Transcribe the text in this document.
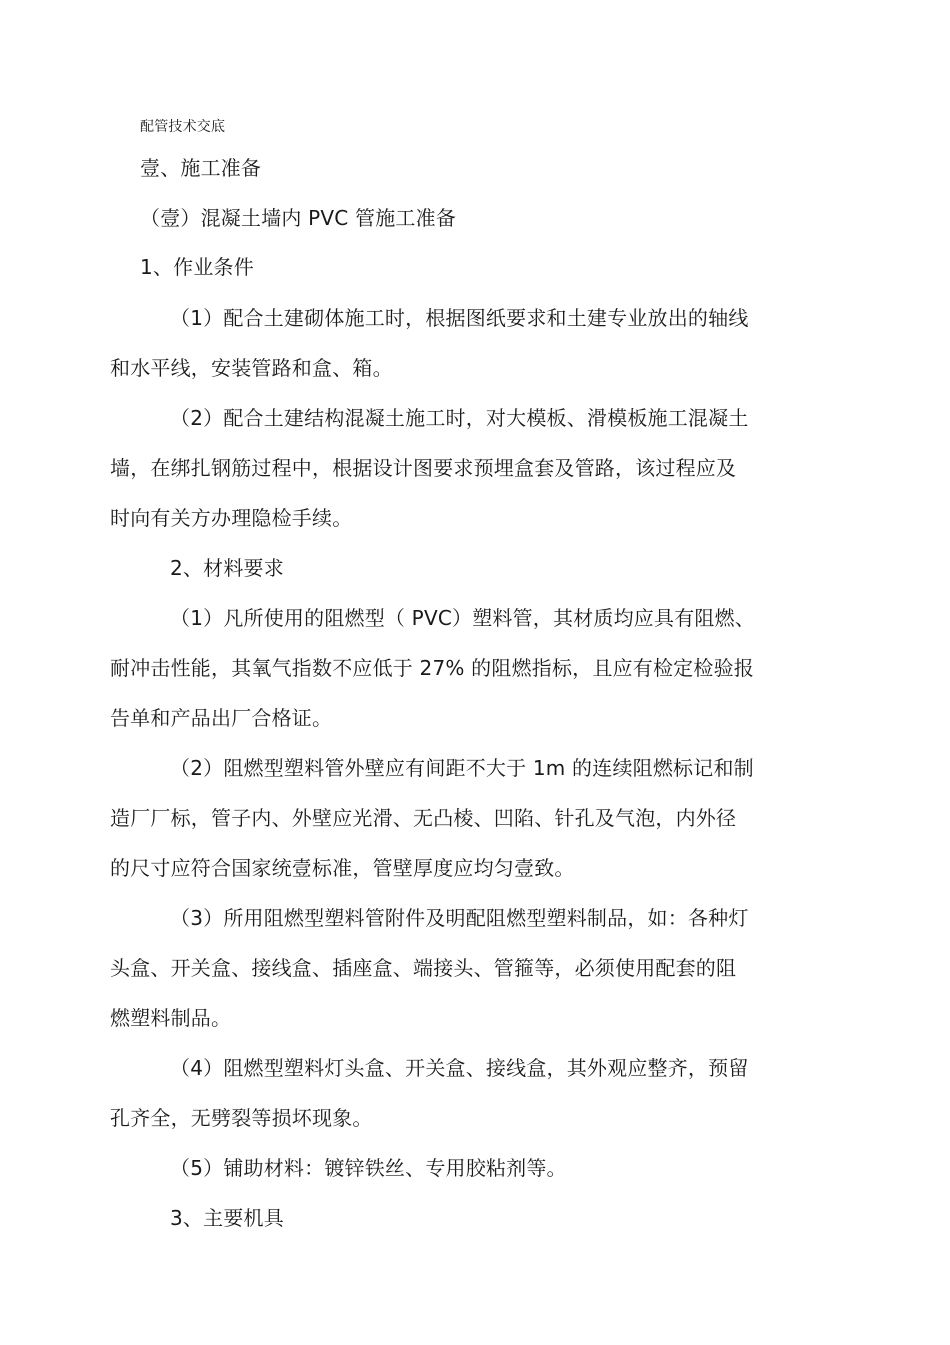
配管技术交底
壹、施工准备
（壹）混凝土墙内 PVC 管施工准备
1、作业条件
（1）配合土建砌体施工时，根据图纸要求和土建专业放出的轴线
和水平线，安装管路和盒、箱。
（2）配合土建结构混凝土施工时，对大模板、滑模板施工混凝土
墙，在绑扎钢筋过程中，根据设计图要求预埋盒套及管路，该过程应及
时向有关方办理隐检手续。
2、材料要求
（1）凡所使用的阻燃型（ PVC）塑料管，其材质均应具有阻燃、
耐冲击性能，其氧气指数不应低于 27% 的阻燃指标，且应有检定检验报
告单和产品出厂合格证。
（2）阻燃型塑料管外壁应有间距不大于 1m 的连续阻燃标记和制
造厂厂标，管子内、外壁应光滑、无凸棱、凹陷、针孔及气泡，内外径
的尺寸应符合国家统壹标准，管壁厚度应均匀壹致。
（3）所用阻燃型塑料管附件及明配阻燃型塑料制品，如：各种灯
头盒、开关盒、接线盒、插座盒、端接头、管箍等，必须使用配套的阻
燃塑料制品。
（4）阻燃型塑料灯头盒、开关盒、接线盒，其外观应整齐，预留
孔齐全，无劈裂等损坏现象。
（5）铺助材料：镀锌铁丝、专用胶粘剂等。
3、主要机具
